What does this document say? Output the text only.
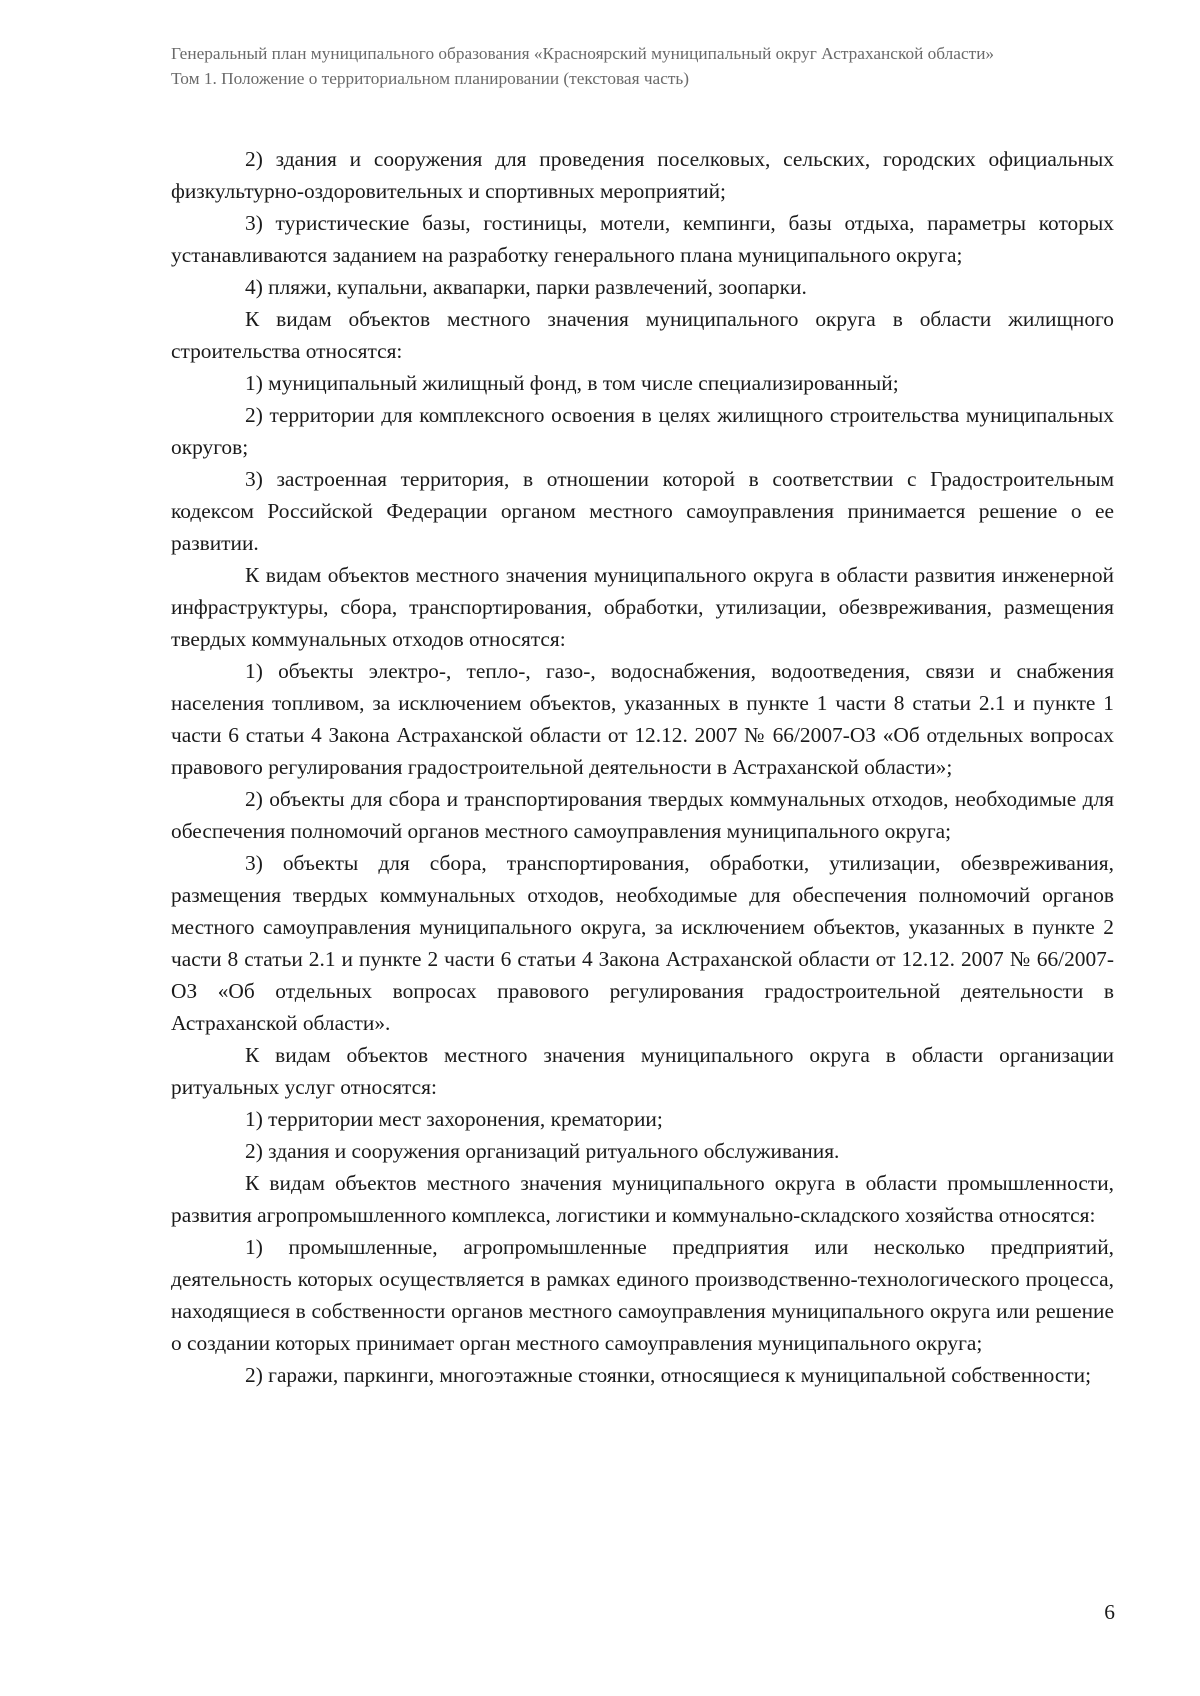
Генеральный план муниципального образования «Красноярский муниципальный округ Астраханской области»

Том 1. Положение о территориальном планировании (текстовая часть)

2) здания и сооружения для проведения поселковых, сельских, городских официальных физкультурно-оздоровительных и спортивных мероприятий;

3) туристические базы, гостиницы, мотели, кемпинги, базы отдыха, параметры которых устанавливаются заданием на разработку генерального плана муниципального округа;

4) пляжи, купальни, аквапарки, парки развлечений, зоопарки.

К видам объектов местного значения муниципального округа в области жилищного строительства относятся:

1) муниципальный жилищный фонд, в том числе специализированный;

2) территории для комплексного освоения в целях жилищного строительства муниципальных округов;

3) застроенная территория, в отношении которой в соответствии с Градостроительным кодексом Российской Федерации органом местного самоуправления принимается решение о ее развитии.

К видам объектов местного значения муниципального округа в области развития инженерной инфраструктуры, сбора, транспортирования, обработки, утилизации, обезвреживания, размещения твердых коммунальных отходов относятся:

1) объекты электро-, тепло-, газо-, водоснабжения, водоотведения, связи и снабжения населения топливом, за исключением объектов, указанных в пункте 1 части 8 статьи 2.1 и пункте 1 части 6 статьи 4 Закона Астраханской области от 12.12. 2007 № 66/2007-ОЗ «Об отдельных вопросах правового регулирования градостроительной деятельности в Астраханской области»;

2) объекты для сбора и транспортирования твердых коммунальных отходов, необходимые для обеспечения полномочий органов местного самоуправления муниципального округа;

3) объекты для сбора, транспортирования, обработки, утилизации, обезвреживания, размещения твердых коммунальных отходов, необходимые для обеспечения полномочий органов местного самоуправления муниципального округа, за исключением объектов, указанных в пункте 2 части 8 статьи 2.1 и пункте 2 части 6 статьи 4 Закона Астраханской области от 12.12. 2007 № 66/2007-ОЗ «Об отдельных вопросах правового регулирования градостроительной деятельности в Астраханской области».

К видам объектов местного значения муниципального округа в области организации ритуальных услуг относятся:

1) территории мест захоронения, крематории;

2) здания и сооружения организаций ритуального обслуживания.

К видам объектов местного значения муниципального округа в области промышленности, развития агропромышленного комплекса, логистики и коммунально-складского хозяйства относятся:

1) промышленные, агропромышленные предприятия или несколько предприятий, деятельность которых осуществляется в рамках единого производственно-технологического процесса, находящиеся в собственности органов местного самоуправления муниципального округа или решение о создании которых принимает орган местного самоуправления муниципального округа;

2) гаражи, паркинги, многоэтажные стоянки, относящиеся к муниципальной собственности;

6
